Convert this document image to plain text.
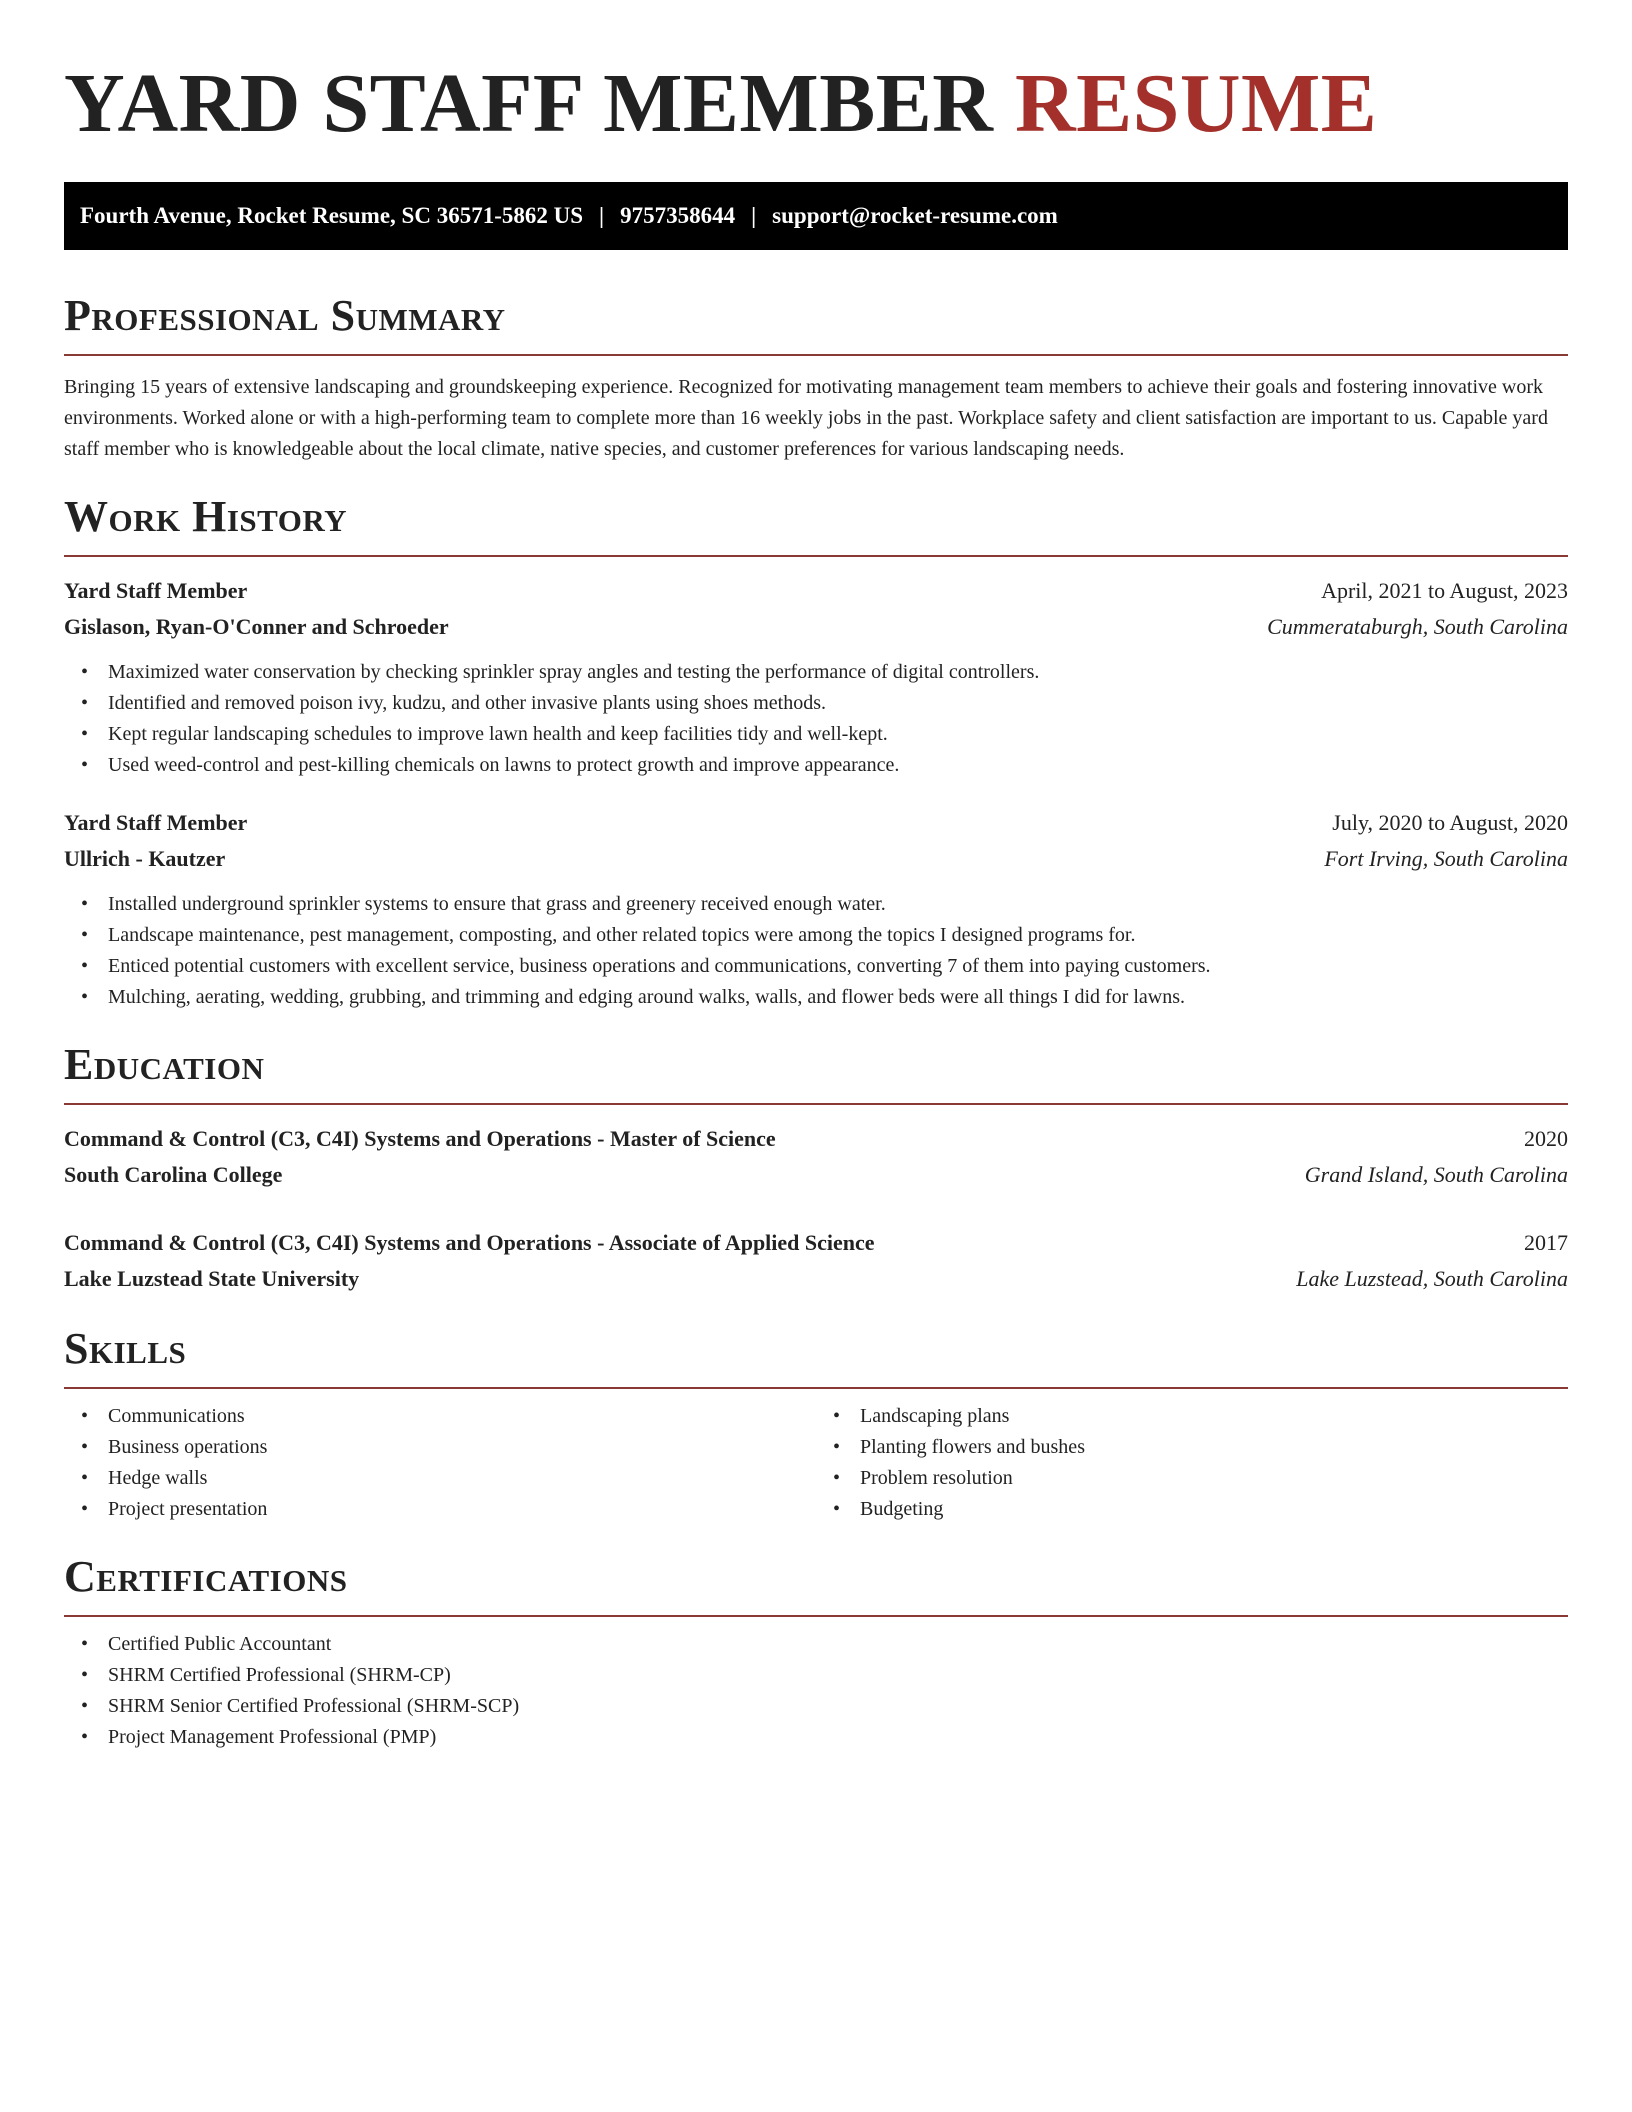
YARD STAFF MEMBER RESUME
Fourth Avenue, Rocket Resume, SC 36571-5862 US | 9757358644 | support@rocket-resume.com
Professional Summary

Bringing 15 years of extensive landscaping and groundskeeping experience. Recognized for motivating management team members to achieve their goals and fostering innovative work environments. Worked alone or with a high-performing team to complete more than 16 weekly jobs in the past. Workplace safety and client satisfaction are important to us. Capable yard staff member who is knowledgeable about the local climate, native species, and customer preferences for various landscaping needs.

Work History
Yard Staff Member	April, 2021 to August, 2023
Gislason, Ryan-O'Conner and Schroeder	Cummerataburgh, South Carolina
• Maximized water conservation by checking sprinkler spray angles and testing the performance of digital controllers.
• Identified and removed poison ivy, kudzu, and other invasive plants using shoes methods.
• Kept regular landscaping schedules to improve lawn health and keep facilities tidy and well-kept.
• Used weed-control and pest-killing chemicals on lawns to protect growth and improve appearance.
Yard Staff Member	July, 2020 to August, 2020
Ullrich - Kautzer	Fort Irving, South Carolina
• Installed underground sprinkler systems to ensure that grass and greenery received enough water.
• Landscape maintenance, pest management, composting, and other related topics were among the topics I designed programs for.
• Enticed potential customers with excellent service, business operations and communications, converting 7 of them into paying customers.
• Mulching, aerating, wedding, grubbing, and trimming and edging around walks, walls, and flower beds were all things I did for lawns.
Education
Command & Control (C3, C4I) Systems and Operations - Master of Science	2020
South Carolina College	Grand Island, South Carolina
Command & Control (C3, C4I) Systems and Operations - Associate of Applied Science	2017
Lake Luzstead State University	Lake Luzstead, South Carolina
Skills
• Communications
• Business operations
• Hedge walls
• Project presentation
• Landscaping plans
• Planting flowers and bushes
• Problem resolution
• Budgeting
Certifications
• Certified Public Accountant
• SHRM Certified Professional (SHRM-CP)
• SHRM Senior Certified Professional (SHRM-SCP)
• Project Management Professional (PMP)
